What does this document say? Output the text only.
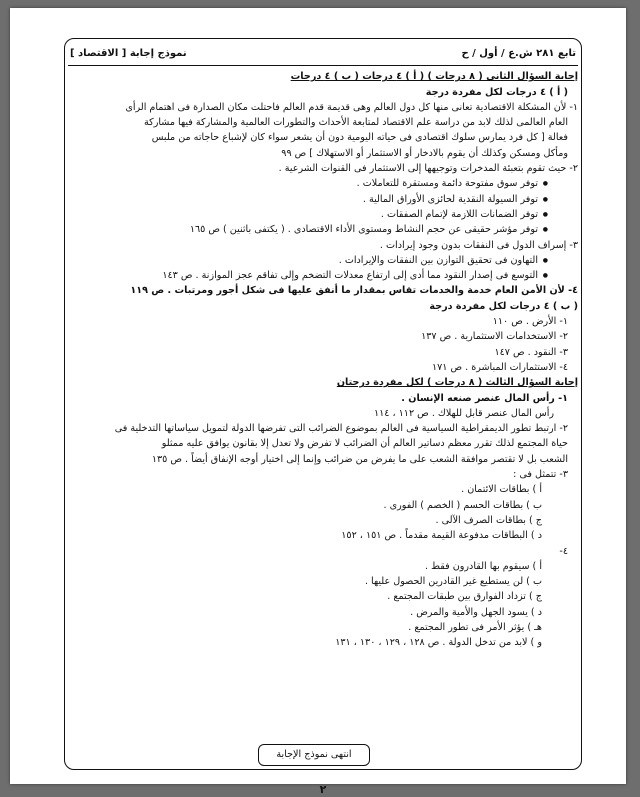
تابع ٢٨١ ش.ع / أول / ح
نموذج إجابة [ الاقتصاد ]
إجابة السؤال الثانى ( ٨ درجات ) ( أ ) ٤ درجات ( ب ) ٤ درجات
( أ ) ٤ درجات لكل مفردة درجة
١- لأن المشكلة الاقتصادية تعانى منها كل دول العالم وهى قديمة قدم العالم فاحتلت مكان الصدارة فى اهتمام الرأى
العام العالمى لذلك لابد من دراسة علم الاقتصاد لمتابعة الأحداث والتطورات العالمية والمشاركة فيها مشاركة
فعالة [ كل فرد يمارس سلوك اقتصادى فى حياته اليومية دون أن يشعر سواء كان لإشباع حاجاته من ملبس
ومأكل ومسكن وكذلك أن يقوم بالادخار أو الاستثمار أو الاستهلاك ] ص ٩٩
٢- حيث تقوم بتعبئة المدخرات وتوجيهها إلى الاستثمار فى القنوات الشرعية .
● توفر سوق مفتوحة دائمة ومستقرة للتعاملات .
● توفر السيولة النقدية لحائزى الأوراق المالية .
● توفر الضمانات اللازمة لإتمام الصفقات .
● توفر مؤشر حقيقى عن حجم النشاط ومستوى الأداء الاقتصادى . ( يكتفى باثنين ) ص ١٦٥
٣- إسراف الدول فى النفقات بدون وجود إيرادات .
● التهاون فى تحقيق التوازن بين النفقات والإيرادات .
● التوسع فى إصدار النقود مما أدى إلى ارتفاع معدلات التضخم وإلى تفاقم عجز الموازنة . ص ١٤٣
٤- لأن الأمن العام خدمة والخدمات تقاس بمقدار ما أنفق عليها فى شكل أجور ومرتبات . ص ١١٩
( ب ) ٤ درجات لكل مفردة درجة
١- الأرض . ص ١١٠
٢- الاستخدامات الاستثمارية . ص ١٣٧
٣- النقود . ص ١٤٧
٤- الاستثمارات المباشرة . ص ١٧١
إجابة السؤال الثالث ( ٨ درجات ) لكل مفردة درجتان
١- رأس المال عنصر صنعه الإنسان .
رأس المال عنصر قابل للهلاك . ص ١١٢ ، ١١٤
٢- ارتبط تطور الديمقراطية السياسية فى العالم بموضوع الضرائب التى تفرضها الدولة لتمويل سياساتها التدخلية فى
حياة المجتمع لذلك تقرر معظم دساتير العالم أن الضرائب لا تفرض ولا تعدل إلا بقانون يوافق عليه ممثلو
الشعب بل لا تقتصر موافقة الشعب على ما يفرض من ضرائب وإنما إلى اختيار أوجه الإنفاق أيضاً . ص ١٣٥
٣- تتمثل فى :
أ ) بطاقات الائتمان .
ب ) بطاقات الحسم ( الخصم ) الفورى .
ج ) بطاقات الصرف الآلى .
د ) البطاقات مدفوعة القيمة مقدماً . ص ١٥١ ، ١٥٢
٤-
أ ) سيقوم بها القادرون فقط .
ب ) لن يستطيع غير القادرين الحصول عليها .
ج ) تزداد الفوارق بين طبقات المجتمع .
د ) يسود الجهل والأمية والمرض .
هـ ) يؤثر الأمر فى تطور المجتمع .
و ) لابد من تدخل الدولة . ص ١٢٨ ، ١٢٩ ، ١٣٠ ، ١٣١
انتهى نموذج الإجابة
٢
